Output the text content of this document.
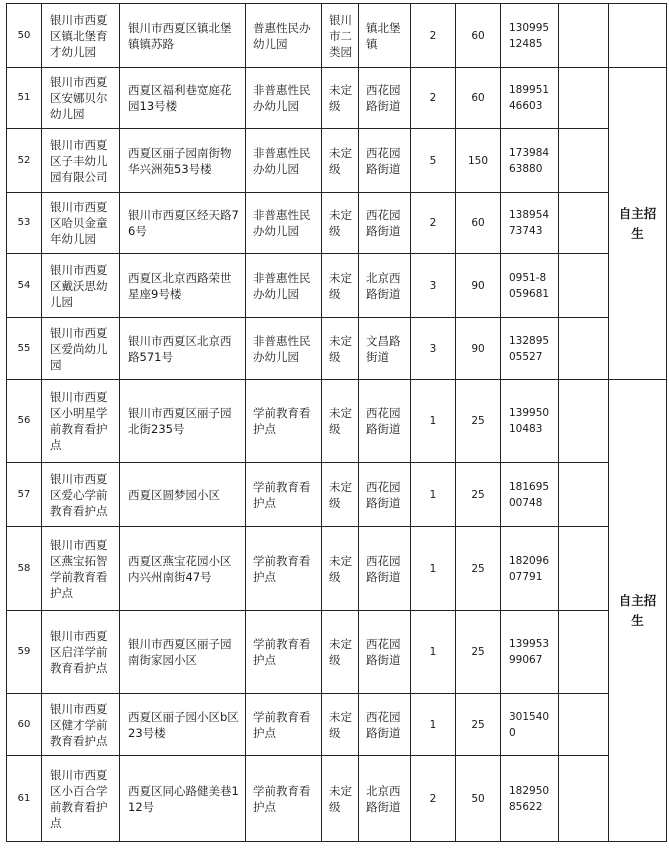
50	银川市西夏区镇北堡育才幼儿园	银川市西夏区镇北堡镇镇苏路	普惠性民办幼儿园	银川市二类园	镇北堡镇	2	60	13099512485		
51	银川市西夏区安娜贝尔幼儿园	西夏区福利巷宽庭花园13号楼	非普惠性民办幼儿园	未定级	西花园路街道	2	60	18995146603		自主招生
52	银川市西夏区子丰幼儿园有限公司	西夏区丽子园南街物华兴洲苑53号楼	非普惠性民办幼儿园	未定级	西花园路街道	5	150	17398463880		
53	银川市西夏区哈贝金童年幼儿园	银川市西夏区经天路76号	非普惠性民办幼儿园	未定级	西花园路街道	2	60	13895473743		
54	银川市西夏区戴沃思幼儿园	西夏区北京西路荣世星座9号楼	非普惠性民办幼儿园	未定级	北京西路街道	3	90	0951-8059681		
55	银川市西夏区爱尚幼儿园	银川市西夏区北京西路571号	非普惠性民办幼儿园	未定级	文昌路街道	3	90	13289505527		
56	银川市西夏区小明星学前教育看护点	银川市西夏区丽子园北街235号	学前教育看护点	未定级	西花园路街道	1	25	13995010483		自主招生
57	银川市西夏区爱心学前教育看护点	西夏区圆梦园小区	学前教育看护点	未定级	西花园路街道	1	25	18169500748		
58	银川市西夏区燕宝拓智学前教育看护点	西夏区燕宝花园小区内兴州南街47号	学前教育看护点	未定级	西花园路街道	1	25	18209607791		
59	银川市西夏区启洋学前教育看护点	银川市西夏区丽子园南街家园小区	学前教育看护点	未定级	西花园路街道	1	25	13995399067		
60	银川市西夏区健才学前教育看护点	西夏区丽子园小区b区23号楼	学前教育看护点	未定级	西花园路街道	1	25	3015400		
61	银川市西夏区小百合学前教育看护点	西夏区同心路健美巷112号	学前教育看护点	未定级	北京西路街道	2	50	18295085622		
